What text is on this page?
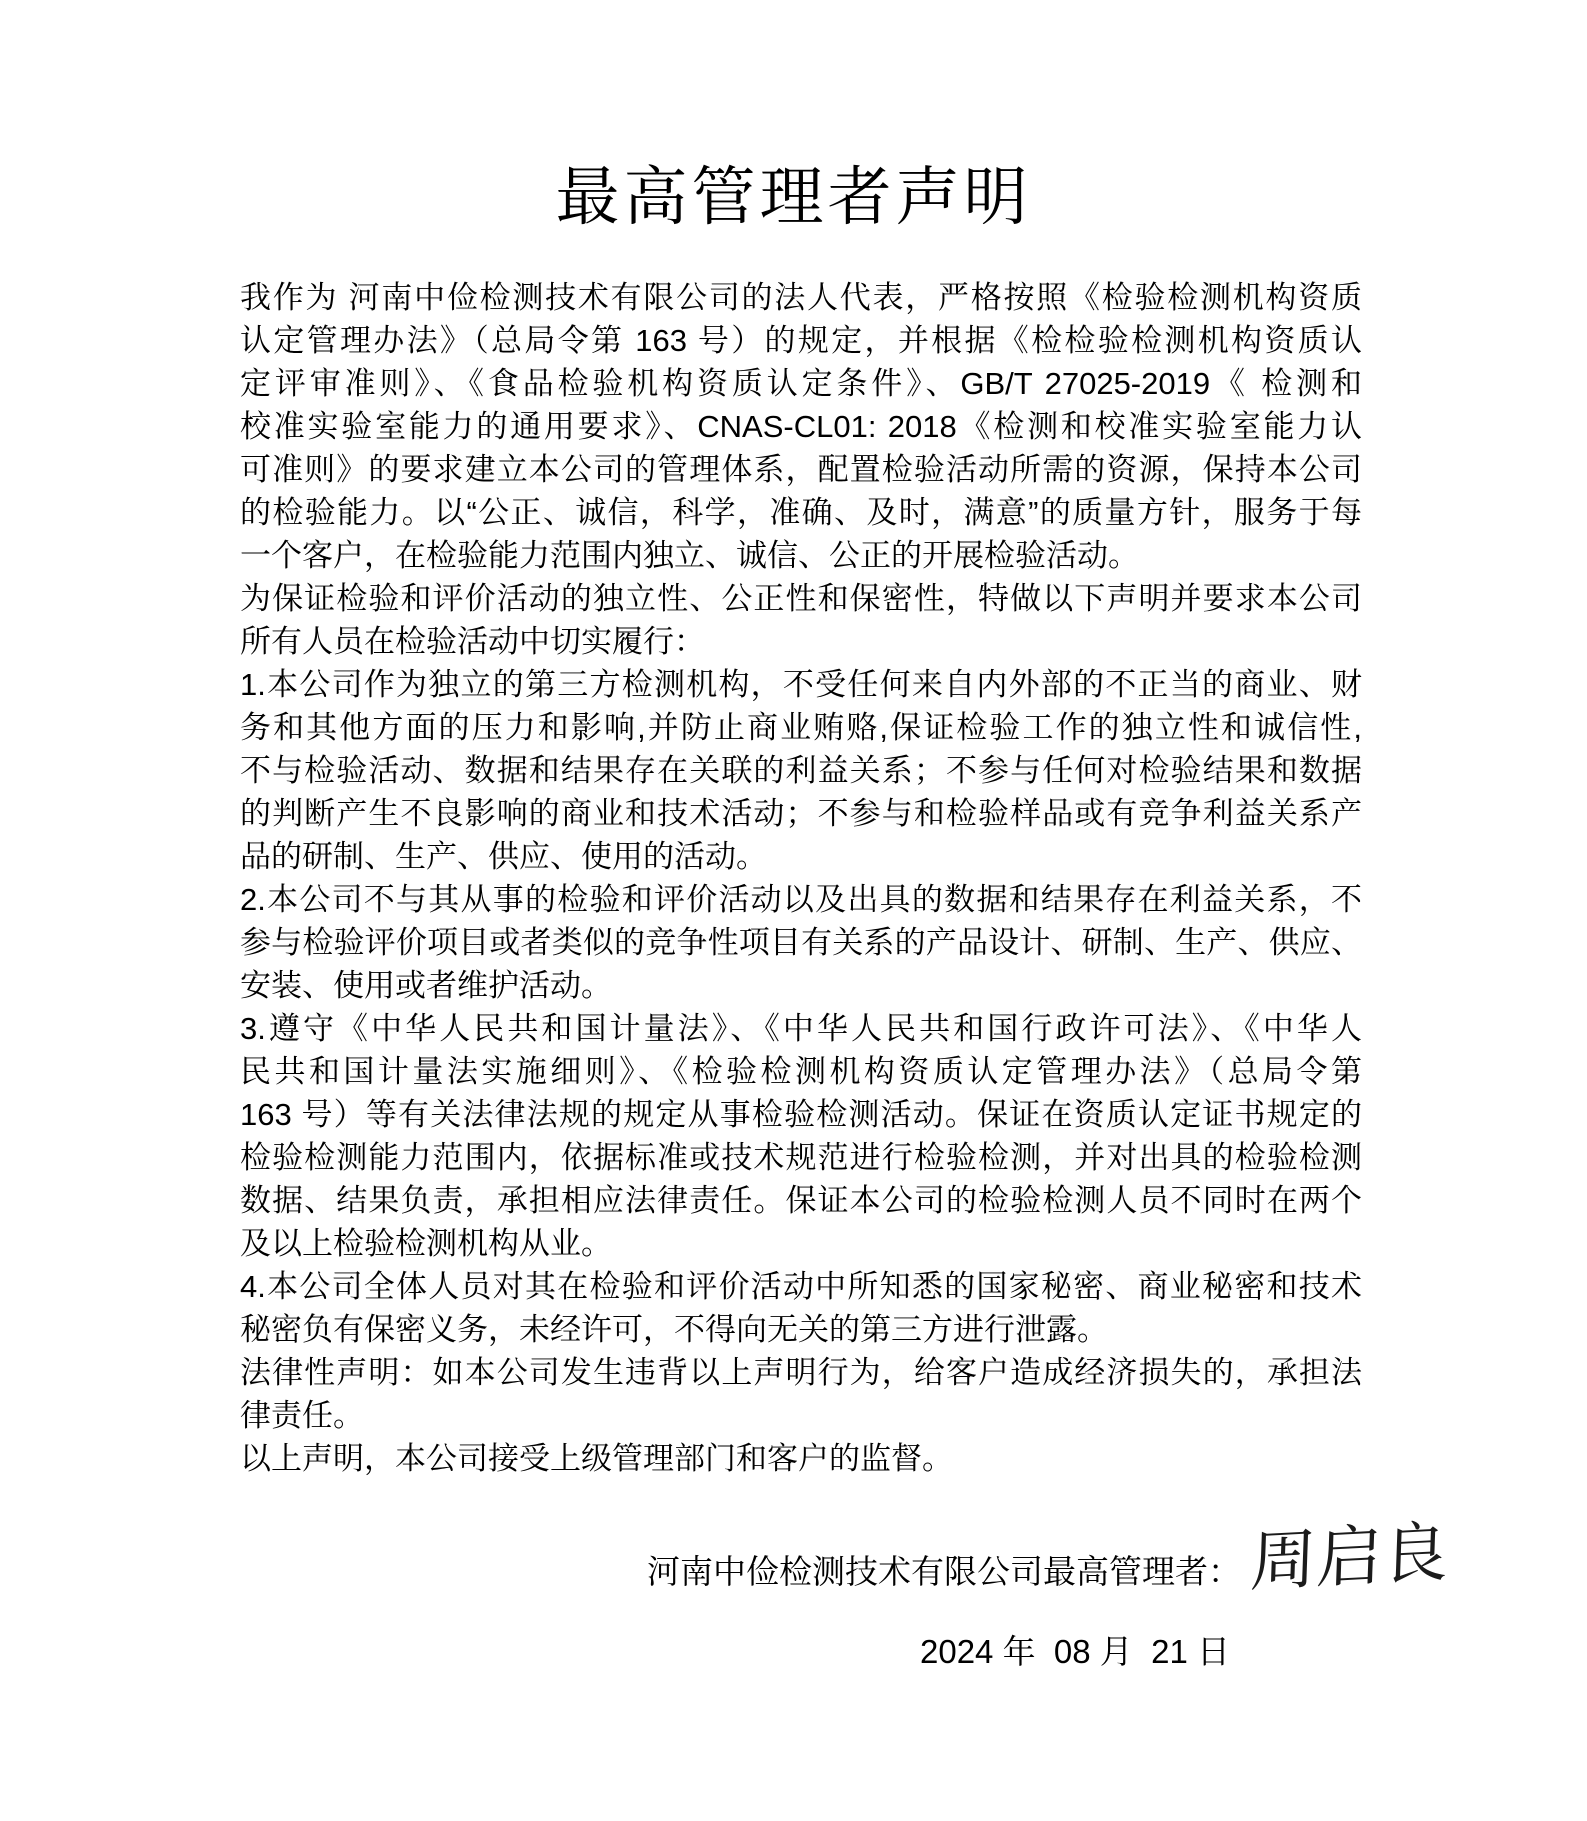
最高管理者声明
我作为 河南中俭检测技术有限公司的法人代表，严格按照《检验检测机构资质
认定管理办法》（总局令第 163 号）的规定，并根据《检检验检测机构资质认
定评审准则》、《食品检验机构资质认定条件》、GB/T 27025-2019《 检测和
校准实验室能力的通用要求》、CNAS-CL01: 2018《检测和校准实验室能力认
可准则》的要求建立本公司的管理体系，配置检验活动所需的资源，保持本公司
的检验能力。以“公正、诚信，科学，准确、及时，满意”的质量方针，服务于每
一个客户，在检验能力范围内独立、诚信、公正的开展检验活动。
为保证检验和评价活动的独立性、公正性和保密性，特做以下声明并要求本公司
所有人员在检验活动中切实履行：
1.本公司作为独立的第三方检测机构，不受任何来自内外部的不正当的商业、财
务和其他方面的压力和影响,并防止商业贿赂,保证检验工作的独立性和诚信性,
不与检验活动、数据和结果存在关联的利益关系；不参与任何对检验结果和数据
的判断产生不良影响的商业和技术活动；不参与和检验样品或有竞争利益关系产
品的研制、生产、供应、使用的活动。
2.本公司不与其从事的检验和评价活动以及出具的数据和结果存在利益关系，不
参与检验评价项目或者类似的竞争性项目有关系的产品设计、研制、生产、供应、
安装、使用或者维护活动。
3.遵守《中华人民共和国计量法》、《中华人民共和国行政许可法》、《中华人
民共和国计量法实施细则》、《检验检测机构资质认定管理办法》（总局令第
163 号）等有关法律法规的规定从事检验检测活动。保证在资质认定证书规定的
检验检测能力范围内，依据标准或技术规范进行检验检测，并对出具的检验检测
数据、结果负责，承担相应法律责任。保证本公司的检验检测人员不同时在两个
及以上检验检测机构从业。
4.本公司全体人员对其在检验和评价活动中所知悉的国家秘密、商业秘密和技术
秘密负有保密义务，未经许可，不得向无关的第三方进行泄露。
法律性声明：如本公司发生违背以上声明行为，给客户造成经济损失的，承担法
律责任。
以上声明，本公司接受上级管理部门和客户的监督。
河南中俭检测技术有限公司最高管理者： 周启良
2024 年  08 月  21 日
